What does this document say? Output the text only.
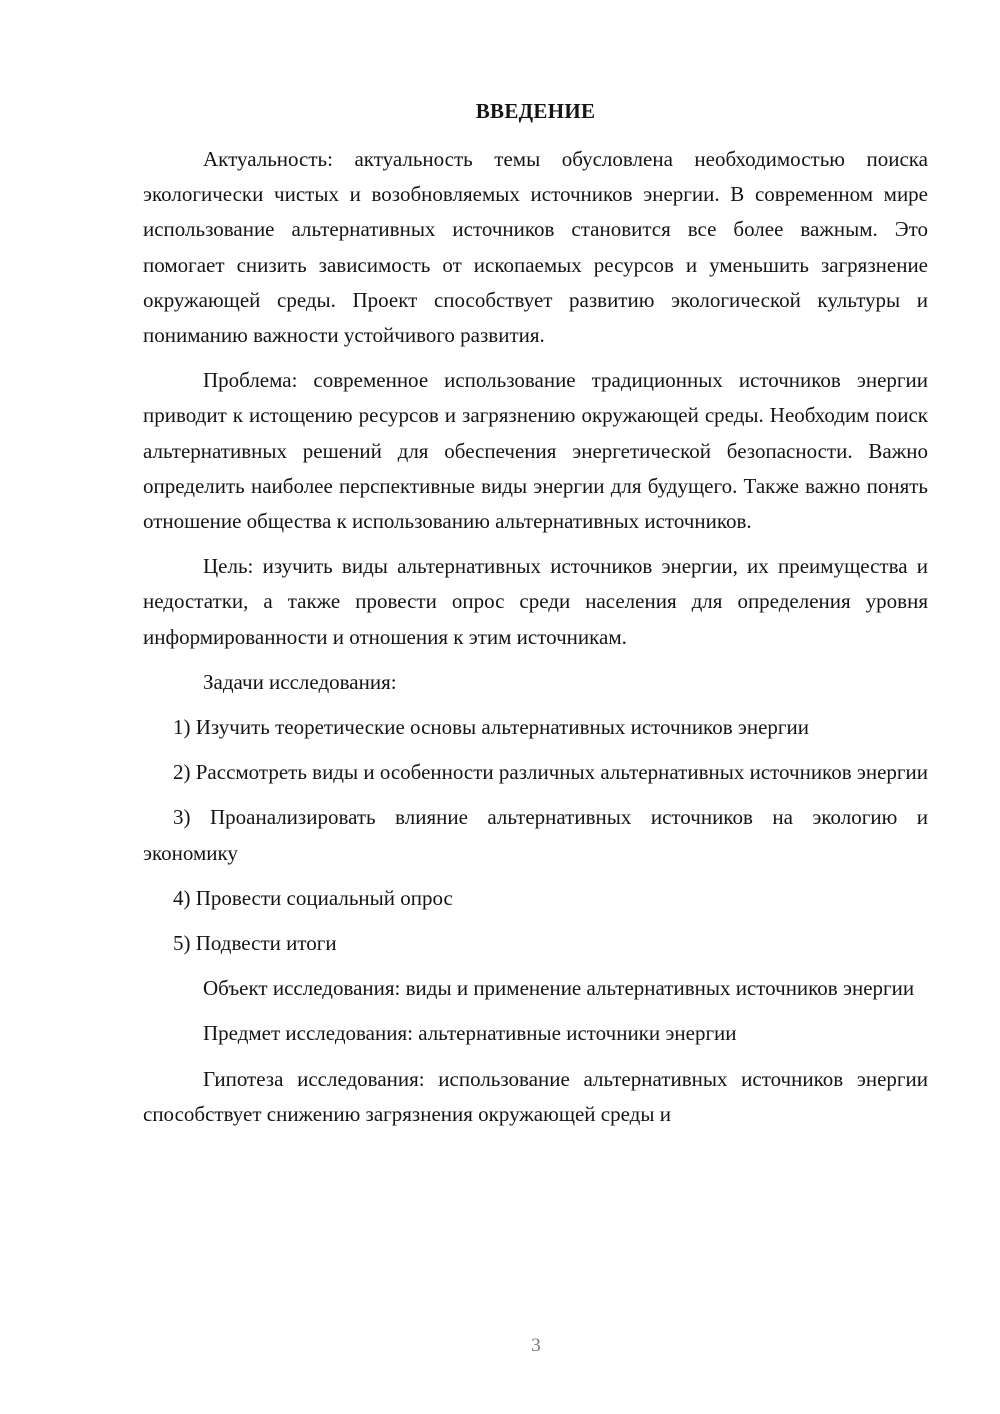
ВВЕДЕНИЕ

Актуальность: актуальность темы обусловлена необходимостью поиска экологически чистых и возобновляемых источников энергии. В современном мире использование альтернативных источников становится все более важным. Это помогает снизить зависимость от ископаемых ресурсов и уменьшить загрязнение окружающей среды. Проект способствует развитию экологической культуры и пониманию важности устойчивого развития.

Проблема: современное использование традиционных источников энергии приводит к истощению ресурсов и загрязнению окружающей среды. Необходим поиск альтернативных решений для обеспечения энергетической безопасности. Важно определить наиболее перспективные виды энергии для будущего. Также важно понять отношение общества к использованию альтернативных источников.

Цель: изучить виды альтернативных источников энергии, их преимущества и недостатки, а также провести опрос среди населения для определения уровня информированности и отношения к этим источникам.

Задачи исследования:

1) Изучить теоретические основы альтернативных источников энергии

2) Рассмотреть виды и особенности различных альтернативных источников энергии

3) Проанализировать влияние альтернативных источников на экологию и экономику

4) Провести социальный опрос

5) Подвести итоги

Объект исследования: виды и применение альтернативных источников энергии

Предмет исследования: альтернативные источники энергии

Гипотеза исследования: использование альтернативных источников энергии способствует снижению загрязнения окружающей среды и

3
